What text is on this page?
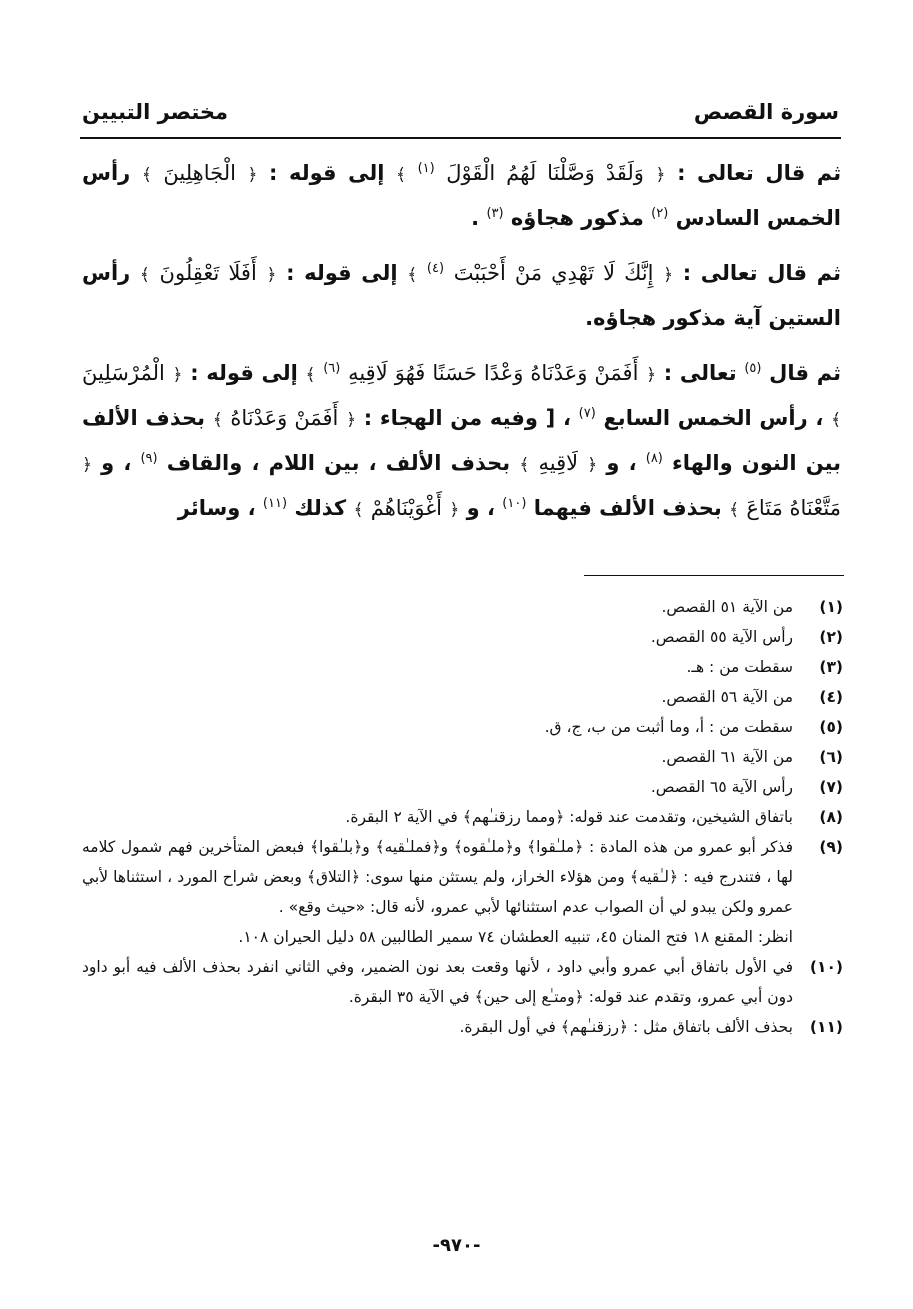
سورة القصص
مختصر التبيين

ثم قال تعالى : ﴿ وَلَقَدْ وَصَّلْنَا لَهُمُ الْقَوْلَ $^{(١)}$ ﴾ إلى قوله : ﴿ الْجَاهِلِينَ ﴾ رأس الخمس السادس $^{(٢)}$ مذكور هجاؤه $^{(٣)}$ .

ثم قال تعالى : ﴿ إِنَّكَ لَا تَهْدِي مَنْ أَحْبَبْتَ $^{(٤)}$ ﴾ إلى قوله : ﴿ أَفَلَا تَعْقِلُونَ ﴾ رأس الستين آية مذكور هجاؤه.

ثم قال $^{(٥)}$ تعالى : ﴿ أَفَمَنْ وَعَدْنَاهُ وَعْدًا حَسَنًا فَهُوَ لَاقِيهِ $^{(٦)}$ ﴾ إلى قوله : ﴿ الْمُرْسَلِينَ ﴾ ، رأس الخمس السابع $^{(٧)}$ ، [ وفيه من الهجاء : ﴿ أَفَمَنْ وَعَدْنَاهُ ﴾ بحذف الألف بين النون والهاء $^{(٨)}$ ، و ﴿ لَاقِيهِ ﴾ بحذف الألف ، بين اللام ، والقاف $^{(٩)}$ ، و ﴿ مَتَّعْنَاهُ مَتَاعَ ﴾ بحذف الألف فيهما $^{(١٠)}$ ، و ﴿ أَغْوَيْنَاهُمْ ﴾ كذلك $^{(١١)}$ ، وسائر

(١)
من الآية ٥١ القصص.
(٢)
رأس الآية ٥٥ القصص.
(٣)
سقطت من : هـ.
(٤)
من الآية ٥٦ القصص.
(٥)
سقطت من : أ، وما أثبت من ب، ج، ق.
(٦)
من الآية ٦١ القصص.
(٧)
رأس الآية ٦٥ القصص.
(٨)
باتفاق الشيخين، وتقدمت عند قوله: ﴿ومما رزقنـٰهم﴾ في الآية ٢ البقرة.
(٩)
فذكر أبو عمرو من هذه المادة : ﴿ملـٰقوا﴾ و﴿ملـٰقوه﴾ و﴿فملـٰقيه﴾ و﴿بلـٰقوا﴾ فبعض المتأخرين فهم شمول كلامه لها ، فتندرج فيه : ﴿لـٰقيه﴾ ومن هؤلاء الخراز، ولم يستثن منها سوى: ﴿التلاق﴾ وبعض شراح المورد ، استثناها لأبي عمرو ولكن يبدو لي أن الصواب عدم استثنائها لأبي عمرو، لأنه قال: «حيث وقع» .
انظر: المقنع ١٨ فتح المنان ٤٥، تنبيه العطشان ٧٤ سمير الطالبين ٥٨ دليل الحيران ١٠٨.
(١٠)
في الأول باتفاق أبي عمرو وأبي داود ، لأنها وقعت بعد نون الضمير، وفي الثاني انفرد بحذف الألف فيه أبو داود دون أبي عمرو، وتقدم عند قوله: ﴿ومتـٰع إلى حين﴾ في الآية ٣٥ البقرة.
(١١)
بحذف الألف باتفاق مثل : ﴿رزقنـٰهم﴾ في أول البقرة.
-٩٧٠-
